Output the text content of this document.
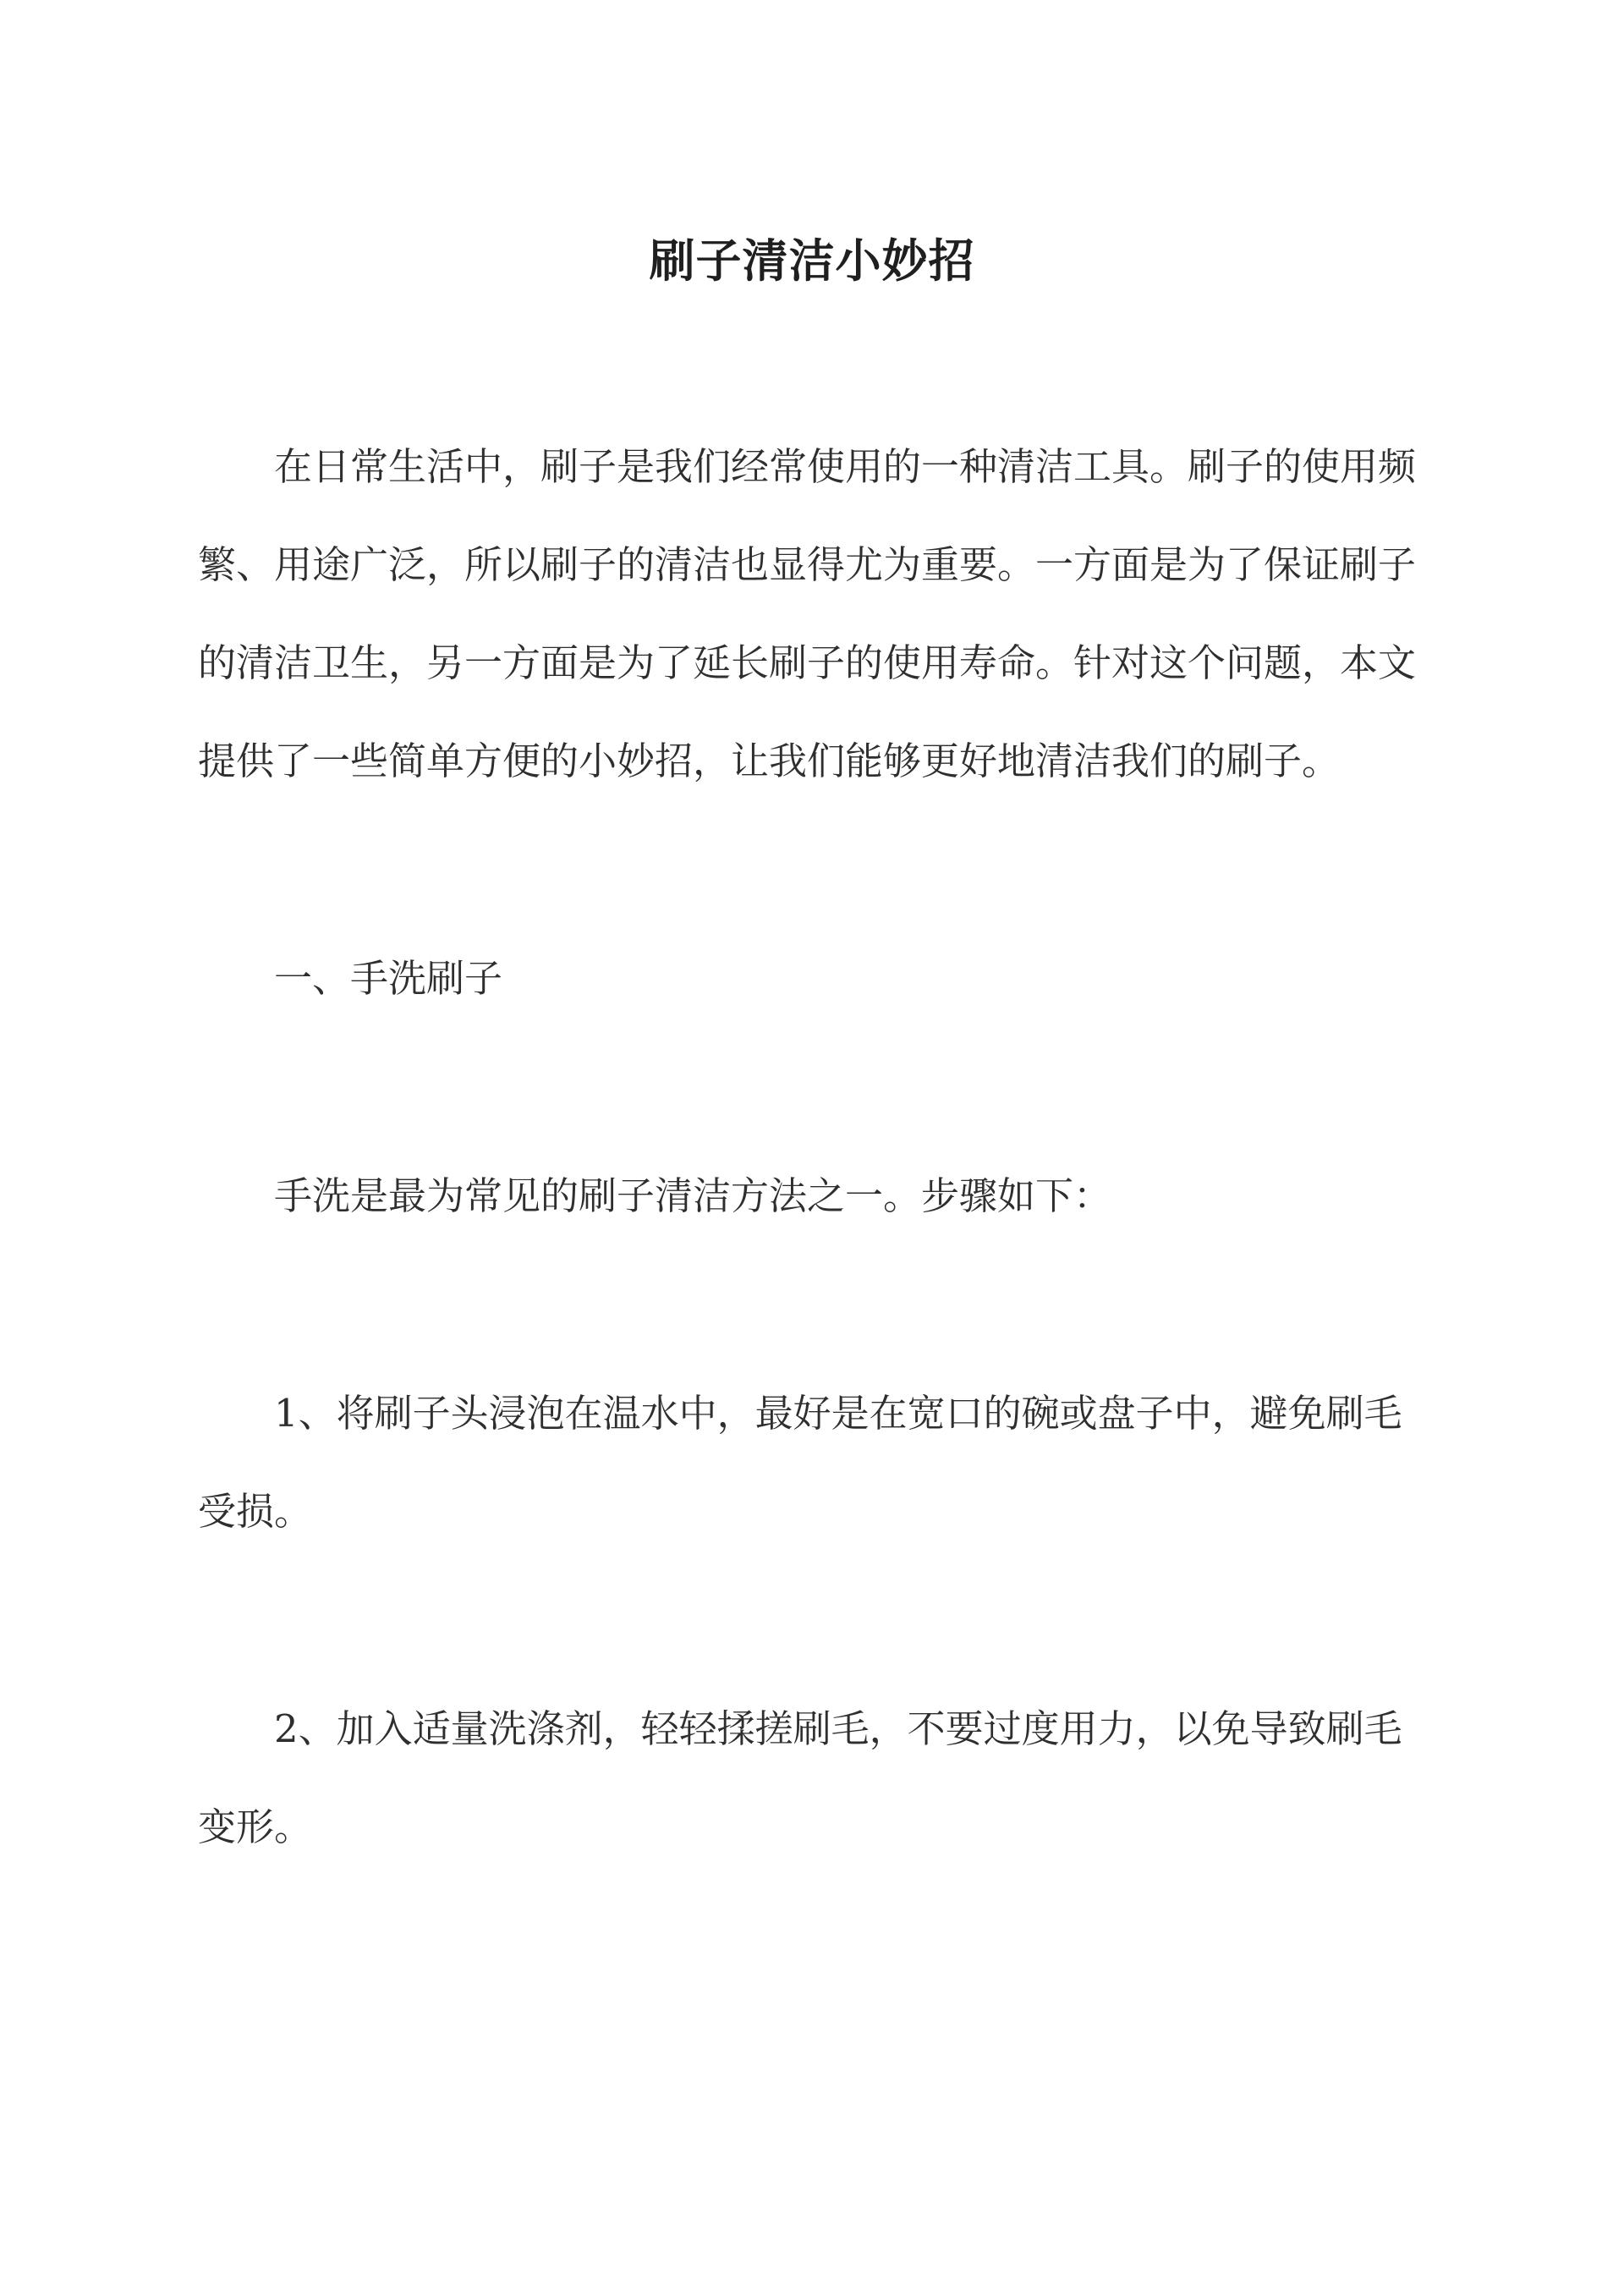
刷子清洁小妙招

在日常生活中，刷子是我们经常使用的一种清洁工具。刷子的使用频
繁、用途广泛，所以刷子的清洁也显得尤为重要。一方面是为了保证刷子
的清洁卫生，另一方面是为了延长刷子的使用寿命。针对这个问题，本文
提供了一些简单方便的小妙招，让我们能够更好地清洁我们的刷子。

一、手洗刷子

手洗是最为常见的刷子清洁方法之一。步骤如下：

1、将刷子头浸泡在温水中，最好是在宽口的碗或盘子中，避免刷毛
受损。

2、加入适量洗涤剂，轻轻揉搓刷毛，不要过度用力，以免导致刷毛
变形。
